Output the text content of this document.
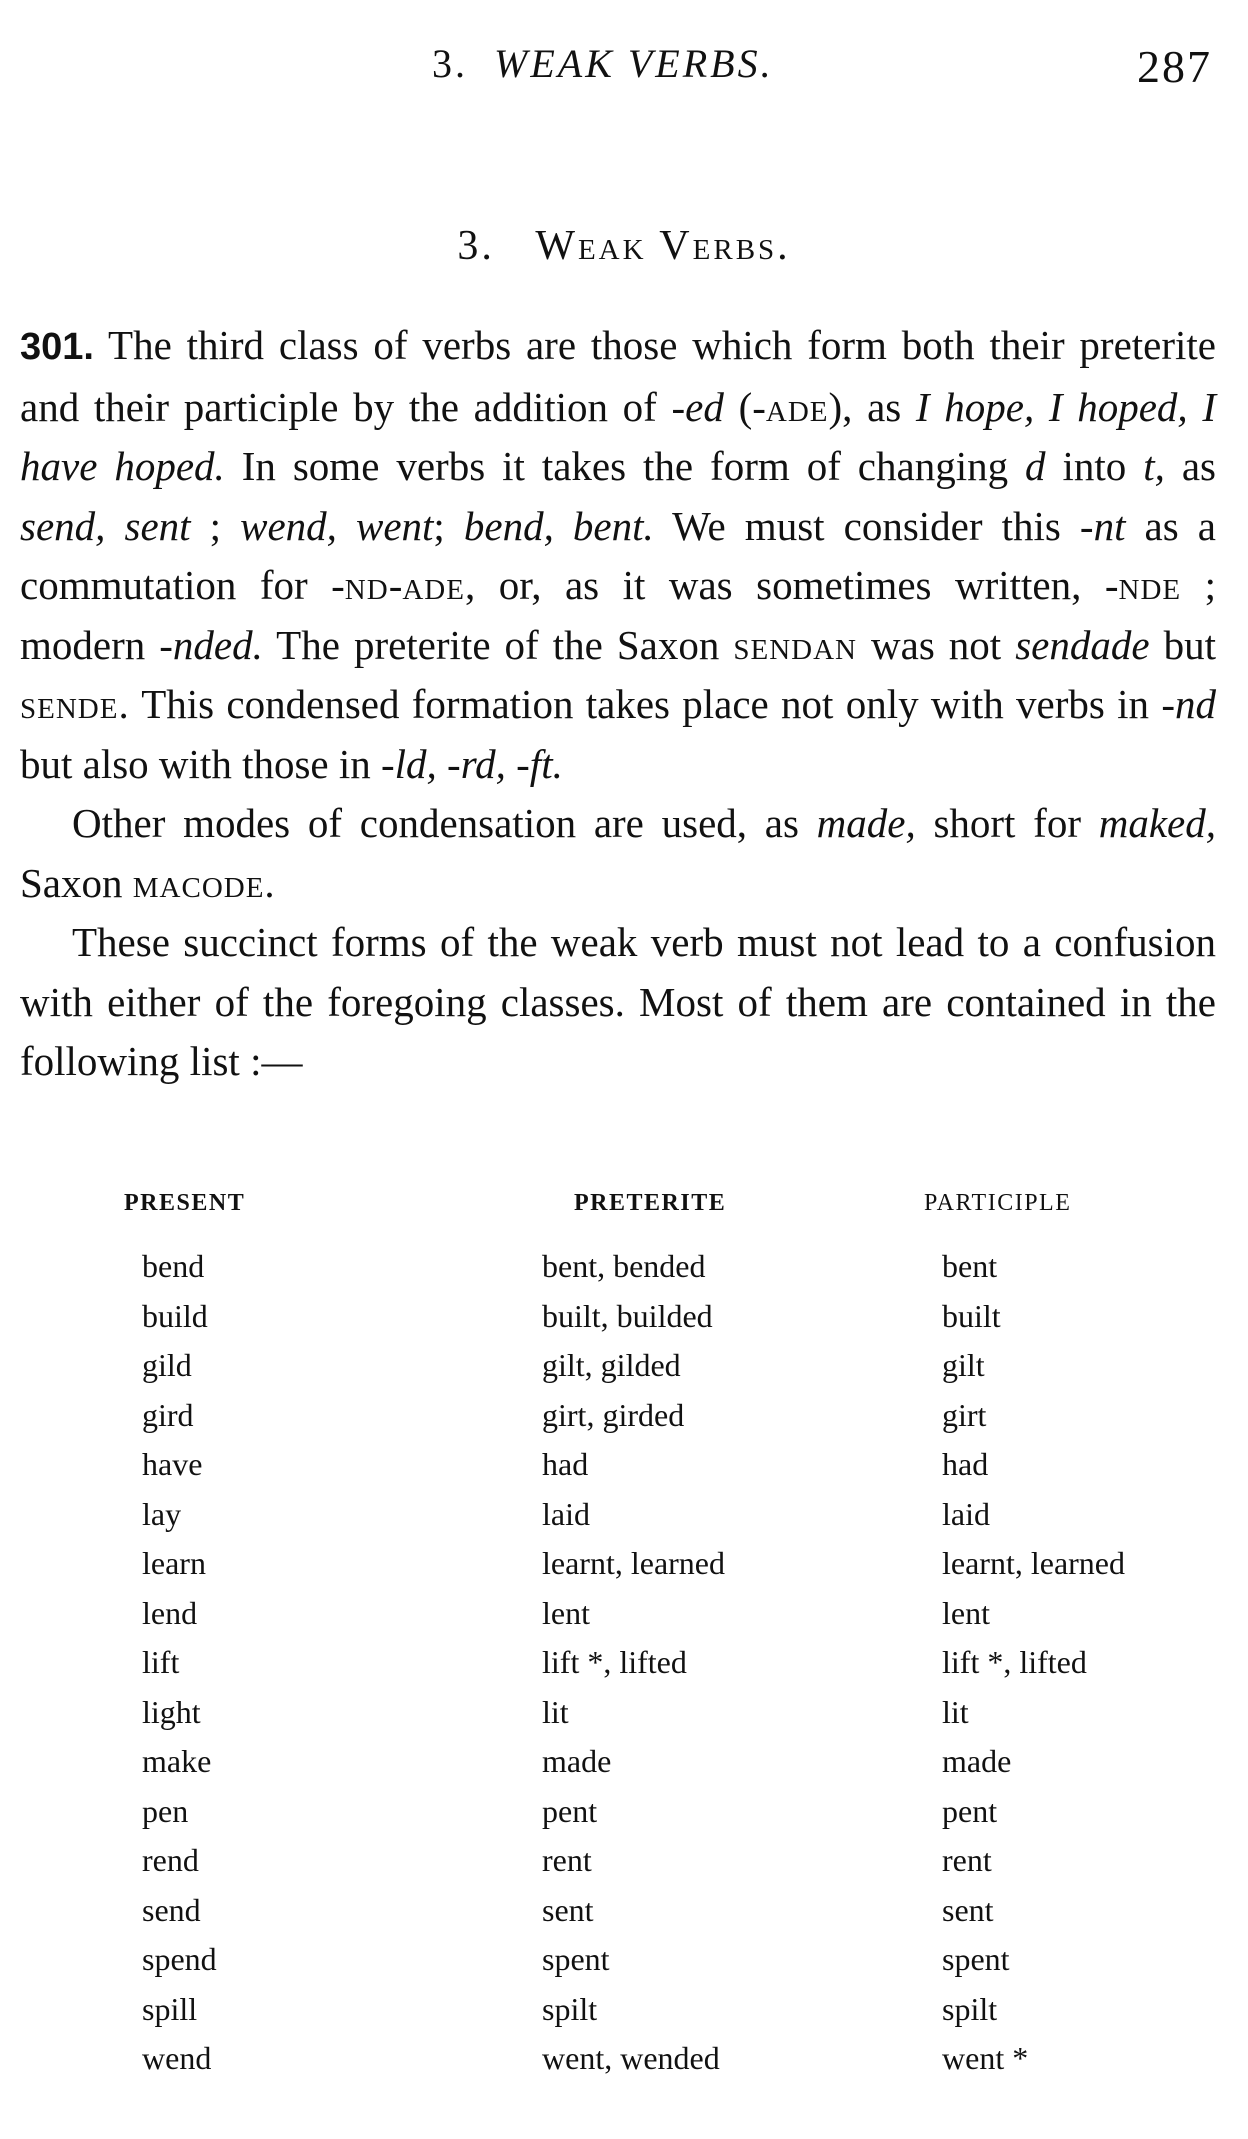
3. WEAK VERBS.	287
3. Weak Verbs.

301. The third class of verbs are those which form both their preterite and their participle by the addition of -ed (-ade), as I hope, I hoped, I have hoped. In some verbs it takes the form of changing d into t, as send, sent ; wend, went; bend, bent. We must consider this -nt as a commutation for -nd-ade, or, as it was sometimes written, -nde ; modern -nded. The preterite of the Saxon sendan was not sendade but sende. This condensed formation takes place not only with verbs in -nd but also with those in -ld, -rd, -ft.

Other modes of condensation are used, as made, short for maked, Saxon macode.

These succinct forms of the weak verb must not lead to a confusion with either of the foregoing classes. Most of them are contained in the following list :—

PRESENT	PRETERITE	PARTICIPLE
bend	bent, bended	bent
build	built, builded	built
gild	gilt, gilded	gilt
gird	girt, girded	girt
have	had	had
lay	laid	laid
learn	learnt, learned	learnt, learned
lend	lent	lent
lift	lift *, lifted	lift *, lifted
light	lit	lit
make	made	made
pen	pent	pent
rend	rent	rent
send	sent	sent
spend	spent	spent
spill	spilt	spilt
wend	went, wended	went *
